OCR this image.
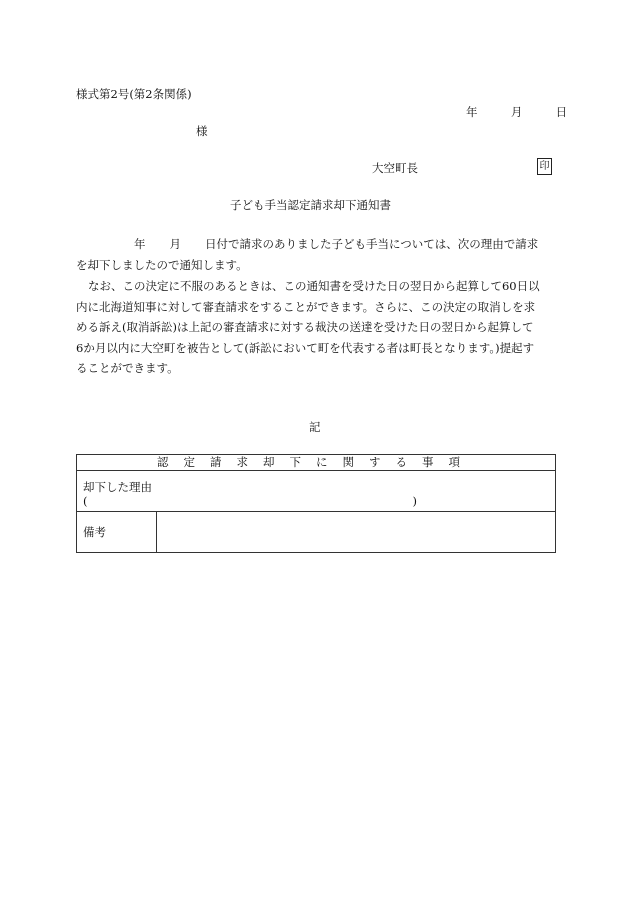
様式第2号(第2条関係)
年	月	日
様
大空町長	印
子ども手当認定請求却下通知書

年 月 日付で請求のありました子ども手当については、次の理由で請求

を却下しましたので通知します。

なお、この決定に不服のあるときは、この通知書を受けた日の翌日から起算して60日以

内に北海道知事に対して審査請求をすることができます。さらに、この決定の取消しを求

める訴え(取消訴訟)は上記の審査請求に対する裁決の送達を受けた日の翌日から起算して

6か月以内に大空町を被告として(訴訟において町を代表する者は町長となります。)提起す

ることができます。

記
認定請求却下に関する事項

却下した理由
(	)

備考	
